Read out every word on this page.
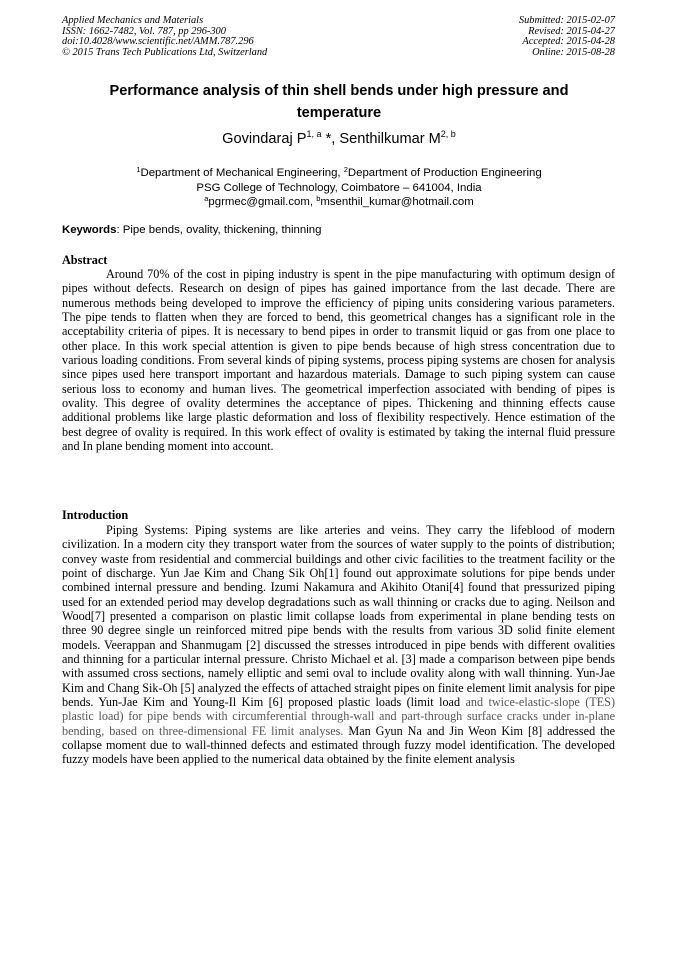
Applied Mechanics and Materials
ISSN: 1662-7482, Vol. 787, pp 296-300
doi:10.4028/www.scientific.net/AMM.787.296
© 2015 Trans Tech Publications Ltd, Switzerland
Submitted: 2015-02-07
Revised: 2015-04-27
Accepted: 2015-04-28
Online: 2015-08-28
Performance analysis of thin shell bends under high pressure and temperature
Govindaraj P$^{1, a}$ *, Senthilkumar M$^{2, b}$
$^1$Department of Mechanical Engineering, $^2$Department of Production Engineering
PSG College of Technology, Coimbatore – 641004, India
$^a$pgrmec@gmail.com, $^b$msenthil_kumar@hotmail.com
Keywords: Pipe bends, ovality, thickening, thinning
Abstract

Around 70% of the cost in piping industry is spent in the pipe manufacturing with optimum design of pipes without defects. Research on design of pipes has gained importance from the last decade. There are numerous methods being developed to improve the efficiency of piping units considering various parameters. The pipe tends to flatten when they are forced to bend, this geometrical changes has a significant role in the acceptability criteria of pipes. It is necessary to bend pipes in order to transmit liquid or gas from one place to other place. In this work special attention is given to pipe bends because of high stress concentration due to various loading conditions. From several kinds of piping systems, process piping systems are chosen for analysis since pipes used here transport important and hazardous materials. Damage to such piping system can cause serious loss to economy and human lives. The geometrical imperfection associated with bending of pipes is ovality. This degree of ovality determines the acceptance of pipes. Thickening and thinning effects cause additional problems like large plastic deformation and loss of flexibility respectively. Hence estimation of the best degree of ovality is required. In this work effect of ovality is estimated by taking the internal fluid pressure and In plane bending moment into account.

Introduction

Piping Systems: Piping systems are like arteries and veins. They carry the lifeblood of modern civilization. In a modern city they transport water from the sources of water supply to the points of distribution; convey waste from residential and commercial buildings and other civic facilities to the treatment facility or the point of discharge. Yun Jae Kim and Chang Sik Oh[1] found out approximate solutions for pipe bends under combined internal pressure and bending. Izumi Nakamura and Akihito Otani[4] found that pressurized piping used for an extended period may develop degradations such as wall thinning or cracks due to aging. Neilson and Wood[7] presented a comparison on plastic limit collapse loads from experimental in plane bending tests on three 90 degree single un reinforced mitred pipe bends with the results from various 3D solid finite element models. Veerappan and Shanmugam [2] discussed the stresses introduced in pipe bends with different ovalities and thinning for a particular internal pressure. Christo Michael et al. [3] made a comparison between pipe bends with assumed cross sections, namely elliptic and semi oval to include ovality along with wall thinning. Yun-Jae Kim and Chang Sik-Oh [5] analyzed the effects of attached straight pipes on finite element limit analysis for pipe bends. Yun-Jae Kim and Young-Il Kim [6] proposed plastic loads (limit load and twice-elastic-slope (TES) plastic load) for pipe bends with circumferential through-wall and part-through surface cracks under in-plane bending, based on three-dimensional FE limit analyses. Man Gyun Na and Jin Weon Kim [8] addressed the collapse moment due to wall-thinned defects and estimated through fuzzy model identification. The developed fuzzy models have been applied to the numerical data obtained by the finite element analysis
